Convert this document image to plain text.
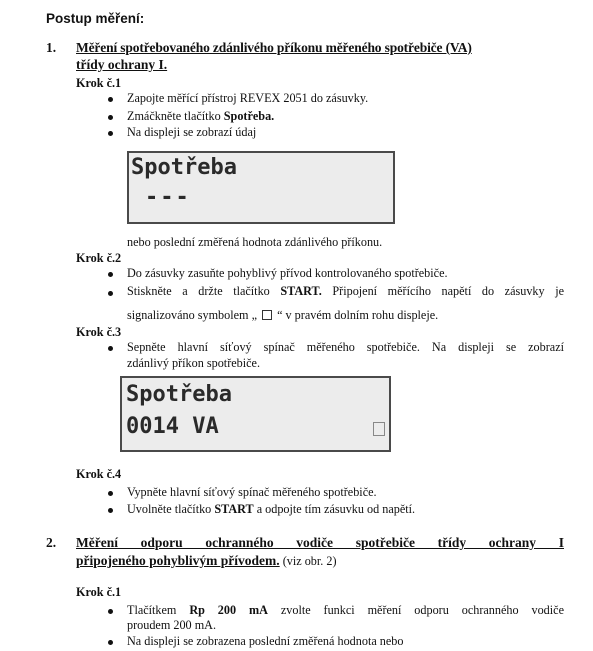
Postup měření:
1. Měření spotřebovaného zdánlivého příkonu měřeného spotřebiče (VA)
třídy ochrany I.
Krok č.1
Zapojte měřící přístroj REVEX 2051 do zásuvky.
Zmáčkněte tlačítko Spotřeba.
Na displeji se zobrazí údaj
Spotřeba
---
nebo poslední změřená hodnota zdánlivého příkonu.
Krok č.2
Do zásuvky zasuňte pohyblivý přívod kontrolovaného spotřebiče.
Stiskněte a držte tlačítko START. Připojení měřícího napětí do zásuvky je
signalizováno symbolem „  “ v pravém dolním rohu displeje.
Krok č.3
Sepněte hlavní síťový spínač měřeného spotřebiče. Na displeji se zobrazí
zdánlivý příkon spotřebiče.
Spotřeba
0014 VA
Krok č.4
Vypněte hlavní síťový spínač měřeného spotřebiče.
Uvolněte tlačítko START a odpojte tím zásuvku od napětí.
2. Měření odporu ochranného vodiče spotřebiče třídy ochrany I
připojeného pohyblivým přívodem. (viz obr. 2)
Krok č.1
Tlačítkem Rp 200 mA zvolte funkci měření odporu ochranného vodiče
proudem 200 mA.
Na displeji se zobrazena poslední změřená hodnota nebo
